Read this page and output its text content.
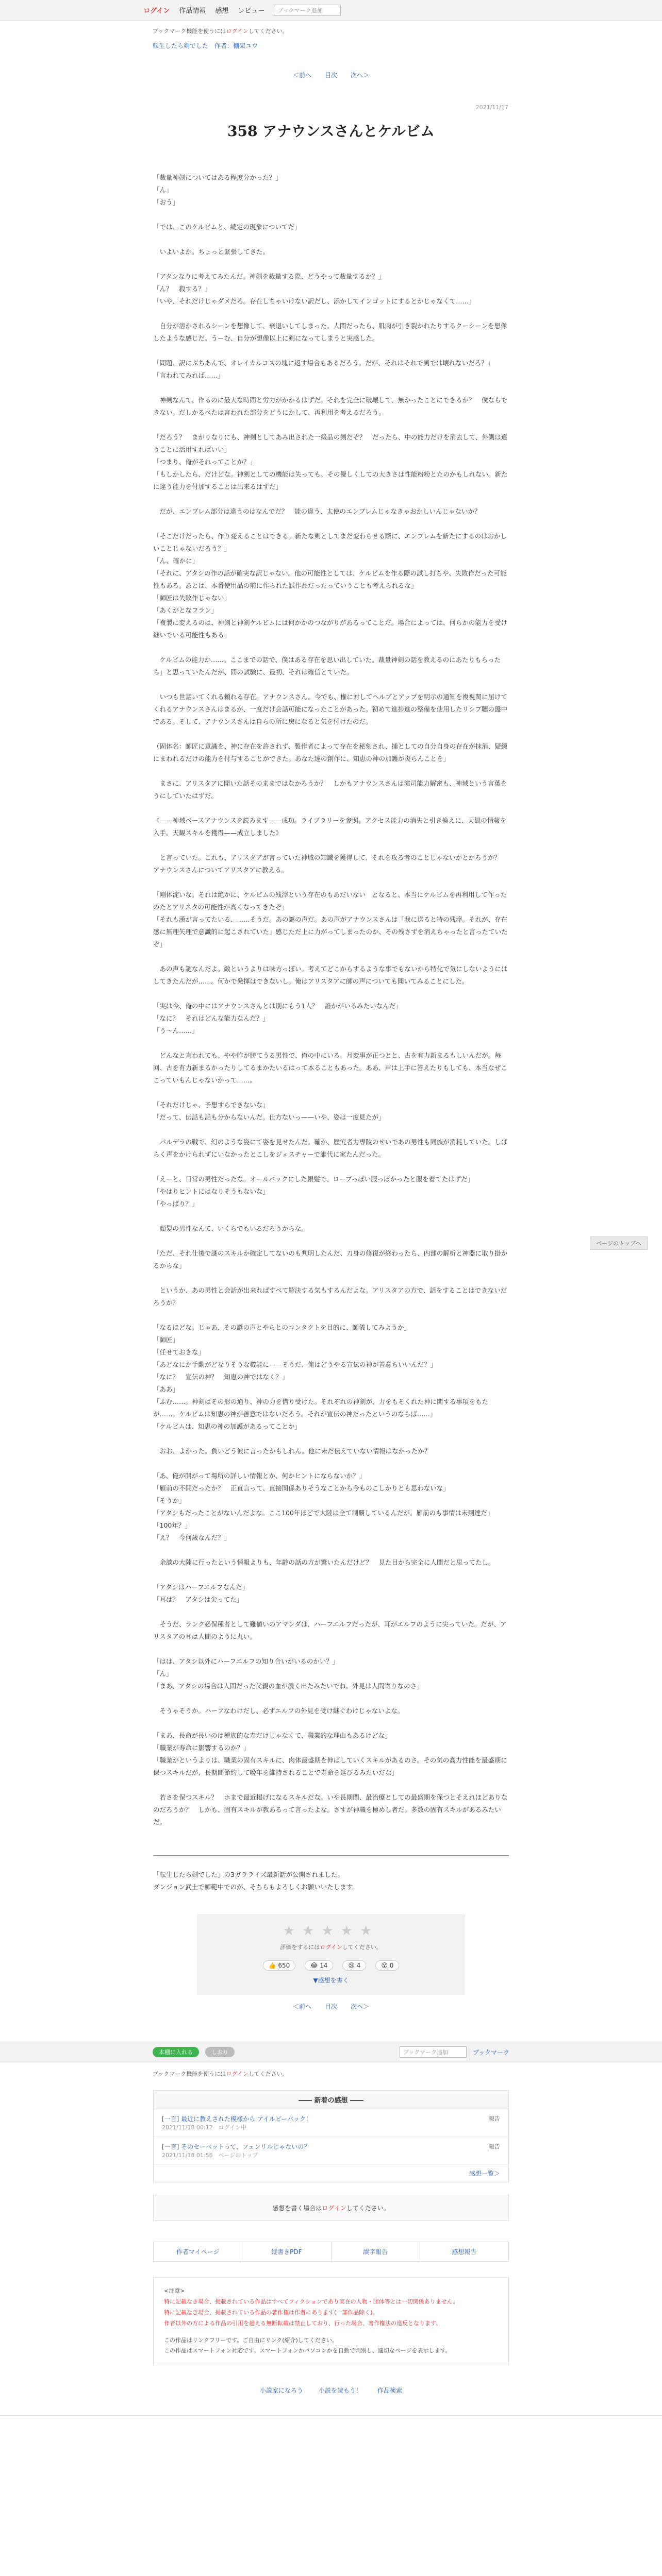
ログイン 作品情報 感想 レビュー	ブックマーク追加
ブックマーク機能を使うにはログインしてください。
転生したら剣でした　作者：棚架ユウ
＜前へ 目次 次へ＞
2021/11/17
358 アナウンスさんとケルビム

「裁量神剣についてはある程度分かった？」

「ん」

「おう」

「では、このケルビムと、続定の現象についてだ」

　いよいよか。ちょっと緊張してきた。

「アタシなりに考えてみたんだ。神剣を裁量する際、どうやって裁量するか？」

「ん？　殺する？」

「いや、それだけじゃダメだろ。存在しちゃいけない訳だし、添かしてインゴットにするとかじゃなくて……」

　自分が溶かされるシーンを想像して、衰退いしてしまった。人間だったら、肌肉が引き裂かれたりするクーシーンを想像したような感じだ。うーむ、自分が想像以上に剣になってしまうと実感した。

「問題、訳にぶちあんで、オレイカルコスの塊に返す場合もあるだろう。だが、それはそれで剣では壊れないだろ？」

「言われてみれば……」

　神剣なんて、作るのに最大な時間と労力がかかるはずだ。それを完全に破壊して、無かったことにできるか？　僕ならできない。だしかるべたは言われた部分をどうにかして、再利用を考えるだろう。

「だろう？　まがりなりにも、神剣としてあみ出された一級品の剣だぞ？　だったら、中の能力だけを消去して、外側は違うことに活用すればいい」

「つまり、俺がそれってことか？」

「もしかしたら、だけどな。神剣としての機能は失っても、その優しくしての大きさは性能粉粉とたのかもしれない。新たに違う能力を付加することは出来るはずだ」

　だが、エンブレム部分は違うのはなんでだ？　能の違う、太使のエンブレムじゃなきゃおかしいんじゃないか？

「そこだけだったら、作り変えることはできる。新たな剣としてまだ変わらせる際に、エンブレムを新たにするのはおかしいことじゃないだろう？」

「ん、確かに」

「それに、アタシの作の話が確実な訳じゃない。他の可能性としては、ケルビムを作る際の試し打ちや、失敗作だった可能性もある。あとは、本番使用品の前に作られた試作品だったっていうことも考えられるな」

「師匠は失敗作じゃない」

「あくがとなフラン」

「複製に変えるのは、神剣と神剣ケルビムには何かかのつながりがあるってことだ。場合によっては、何らかの能力を受け継いでいる可能性もある」

　ケルビムの能力か……。ここまでの話で、僕はある存在を思い出していた。裁量神剣の話を教えるのにあたりもらったら」と思っていたんだが、間の試験に、最初、それは確信とていた。

　いつも世話いてくれる頼れる存在。アナウンスさん。今でも、権に対してヘルプとアップを明示の通知を複視関に届けてくれるアナウンスさんはまるが、一度だけ会話可能になったことがあった。初めて進捗進の整備を使用したリシプ聴の盤中である。そして、アナウンスさんは自らの所に戻になると気を付けたのだ。

（固体名：師匠に意識を、神に存在を許されず、製作者によって存在を秘刻され、捕としての自分自身の存在が抹消、疑練にまわれるだけの能力を付与することができた。あなた達の創作に、知恵の神の加護が炎らんことを」

　まさに、アリスタアに聞いた話そのままではなかろうか？　しかもアナウンスさんは演司能力解密も、神域という言葉をうにしていたはずだ。

《——神域ベースアナウンスを読みます——成功。ライブラリーを参照。アクセス能力の消失と引き換えに、天観の情報を入手。天観スキルを獲得——成立しました》

　と言っていた。これも、アリスタアが言っていた神域の知識を獲得して、それを攻る者のことじゃないかとかろうか？　アナウンスさんについてアリスタアに教える。

「剛体淀いな。それは絶かに、ケルビムの残滓という存在のもあだいない　となると、本当にケルビムを再利用して作ったのたとアリスタの可能性が高くなってきたぞ」

「それも漢が言ってたいる、……そうだ。あの謎の声だ。あの声がアナウンスさんは「我に送ると特の残滓。それが、存在感に無理矢理で意識的に起こされていた」感じただ上に力がってしまったのか、その残さずを消えちゃったと言ったていたぞ」

　あの声も謎なんだよ。敵というよりは味方っぽい。考えてどこからするような事でもないから特化で気にしないようにはしてきたんだが……。何かで発揮はできないし。俺はアリスタアに師の声についても聞いてみることにした。

「実は今、俺の中にはアナウンスさんとは別にもう1人？　誰かがいるみたいなんだ」

「なに？　それはどんな能力なんだ？」

「う〜ん……」

　どんなと言われても、やや昨が勝てうる男性で、俺の中にいる。月変事が正つとと、古を有力新まるもしいんだが。毎回、古を有力新まるかったりしてるまかたいるはって本ることもあった。ああ、声は上手に答えたりもしても、本当なぜここっていもんじゃないかって……。

「それだけじゃ、予想すらできないな」

「だって、伝話も話も分からないんだ。仕方ないっ——いや、姿は一度見たが」

　パルデラの戦で、幻のような姿にて姿を見せたんだ。確か、歴究者力専陵のせいであの男性も同族が消耗していた。しばらく声をかけられずにいなかったとこしをジェスチャーで誰代に家たんだった。

「えーと、日常の男性だったな。オールバックにした銀髪で、ローブっぽい服っぽかったと服を着てたはずだ」

「やはりヒントにはなりそうもないな」

「やっぱり？」

　顔髪の男性なんて、いくらでもいるだろうからな。

「ただ、それ仕後で謎のスキルか確定してないのも判明したんだ、刀身の修復が終わったら、内部の解析と神器に取り掛かるからな」

　というか、あの男性と会話が出来ればすべて解決する気もするんだよな。アリスタアの方で、話をすることはできないだろうか？

「なるほどな。じゃあ、その謎の声とやらとのコンタクトを目的に、師儀してみようか」

「師匠」

「任せておきな」

「あどなにか手動がどなりそうな機能に——そうだ、俺はどうやる宣伝の神が善意ちいいんだ？」

「なに？　宣伝の神？　知恵の神ではなく？」

「ああ」

「ふむ……。神剣はその形の通り、神の力を借り受けた。それぞれの神剣が、力をもそくれた神に関する事項をもたが……。ケルビムは知恵の神が善意ではないだろう。それが宣伝の神だったというのならば……」

「ケルビムは、知恵の神の加護があるってことか」

　おお、よかった。負いどう彼に言ったかもしれん。他に未だ伝えていない情報はなかったか？

「あ、俺が開がって場所の詳しい情報とか、何かヒントにならないか？」

「雁前の不開だったか？　正直言って、直接関係ありそうなことから今ものこしかりとも思わないな」

「そうか」

「アタシもだったことがないんだよな。ここ100年ほどで大陸は全て制覇しているんだが。雁前のも事情は未到達だ」

「100年？」

「え？　今何歳なんだ？」

　余談の大陸に行ったという情報よりも、年齢の話の方が驚いたんだけど？　見た目から完全に人間だと思ってたし。

「アタシはハーフエルフなんだ」

「耳は？　アタシは尖ってた」

　そうだ、ランク必保種者として難値いのアマンダは、ハーフエルフだったが、耳がエルフのように尖っていた。だが、アリスタアの耳は人間のように丸い。

「はは、アタシ以外にハーフエルフの知り合いがいるのかい？」

「ん」

「まあ、アタシの場合は人間だった父親の血が濃く出たみたいでね。外見は人間寄りなのさ」

　そうゃそうか。ハーフなわけだし、必ずエルフの外見を受け継ぐわけじゃないよな。

「まあ、長命が長いのは種族的な寿だけじゃなくて、職業的な理由もあるけどな」

「職業が寿命に影響するのか？」

「職業がというよりは、職業の固有スキルに、肉体最盛期を伸ばしていくスキルがあるのさ。その気の高力性能を最盛期に保つスキルだが、長期間節約して晩年を維持されることで寿命を延びるみたいだな」

　若さを保つスキル？　ホまで最近掲げになるスキルだな。いや長期間、最治療としての最盛期を保つとそえれほどありなのだろうか？　しかも、固有スキルが教あるって言ったよな。さすが神職を極めし者だ。多数の固有スキルがあるみたいだ。

「転生したら剣でした」の3ガラライズ最新話が公開されました。

ダンジョン武士で師範中でのが、そちらもよろしくお願いいたします。

★★★★★
評価をするにはログインしてください。
👍 650	😂 14	😢 4	😮 0
▼感想を書く
＜前へ 目次 次へ＞
ページのトップへ
本棚に入れる	しおり	ブックマーク追加	ブックマーク
ブックマーク機能を使うにはログインしてください。
―― 新着の感想 ――
[一言] 最近に教えされた模様から アイルビーバック！
2021/11/18 00:12　 ログイン中
報告
[一言] そのセーベットって、フェンリルじゃないの？
2021/11/18 01:56　 ページのトップ
報告
感想一覧＞
感想を書く場合はログインしてください。
作者マイページ	縦書きPDF	誤字報告	感想報告
<注意>
特に記載なき場合、掲載されている作品はすべてフィクションであり実在の人物・団体等とは一切関係ありません。
特に記載なき場合、掲載されている作品の著作権は作者にあります(一部作品除く)。
作者以外の方による作品の引用を超える無断転載は禁止しており、行った場合、著作権法の違反となります。
この作品はリンクフリーです。ご自由にリンク(紹介)してください。
この作品はスマートフォン対応です。スマートフォンかパソコンかを自動で判別し、適切なページを表示します。
小説家になろう	小説を読もう！	作品検索
